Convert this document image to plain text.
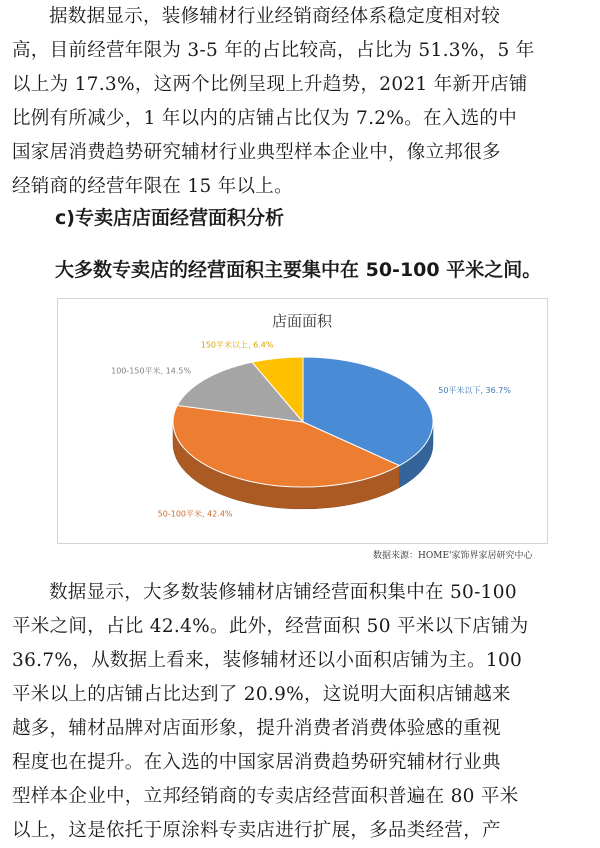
据数据显示，装修辅材行业经销商经体系稳定度相对较
高，目前经营年限为 3-5 年的占比较高，占比为 51.3%，5 年
以上为 17.3%，这两个比例呈现上升趋势，2021 年新开店铺
比例有所减少，1 年以内的店铺占比仅为 7.2%。在入选的中
国家居消费趋势研究辅材行业典型样本企业中，像立邦很多
经销商的经营年限在 15 年以上。
c)专卖店店面经营面积分析
大多数专卖店的经营面积主要集中在 50-100 平米之间。
店面面积
50平米以下, 36.7%
50-100平米, 42.4%
100-150平米, 14.5%
150平米以上, 6.4%
数据来源：HOME'家饰界家居研究中心
数据显示，大多数装修辅材店铺经营面积集中在 50-100
平米之间，占比 42.4%。此外，经营面积 50 平米以下店铺为
36.7%，从数据上看来，装修辅材还以小面积店铺为主。100
平米以上的店铺占比达到了 20.9%，这说明大面积店铺越来
越多，辅材品牌对店面形象，提升消费者消费体验感的重视
程度也在提升。在入选的中国家居消费趋势研究辅材行业典
型样本企业中，立邦经销商的专卖店经营面积普遍在 80 平米
以上，这是依托于原涂料专卖店进行扩展，多品类经营，产
